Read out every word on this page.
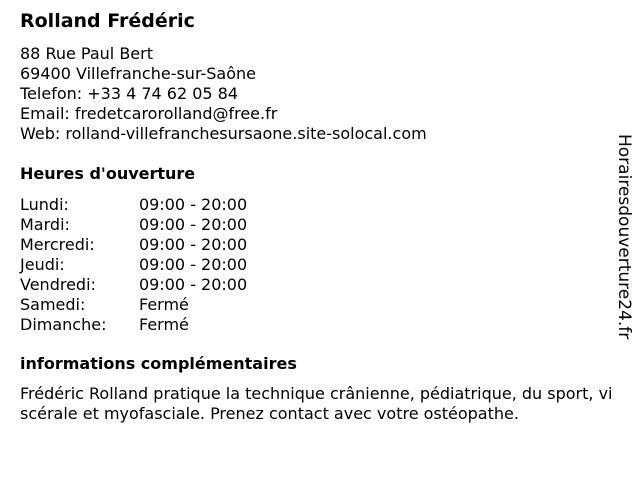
Rolland Frédéric
88 Rue Paul Bert
69400 Villefranche-sur-Saône
Telefon: +33 4 74 62 05 84
Email: fredetcarorolland@free.fr
Web: rolland-villefranchesursaone.site-solocal.com
Heures d'ouverture
Lundi:	09:00 - 20:00
Mardi:	09:00 - 20:00
Mercredi:	09:00 - 20:00
Jeudi:	09:00 - 20:00
Vendredi:	09:00 - 20:00
Samedi:	Fermé
Dimanche: Fermé
informations complémentaires
Frédéric Rolland pratique la technique crânienne, pédiatrique, du sport, viscérale et myofasciale. Prenez contact avec votre ostéopathe.
Horairesdouverture24.fr
